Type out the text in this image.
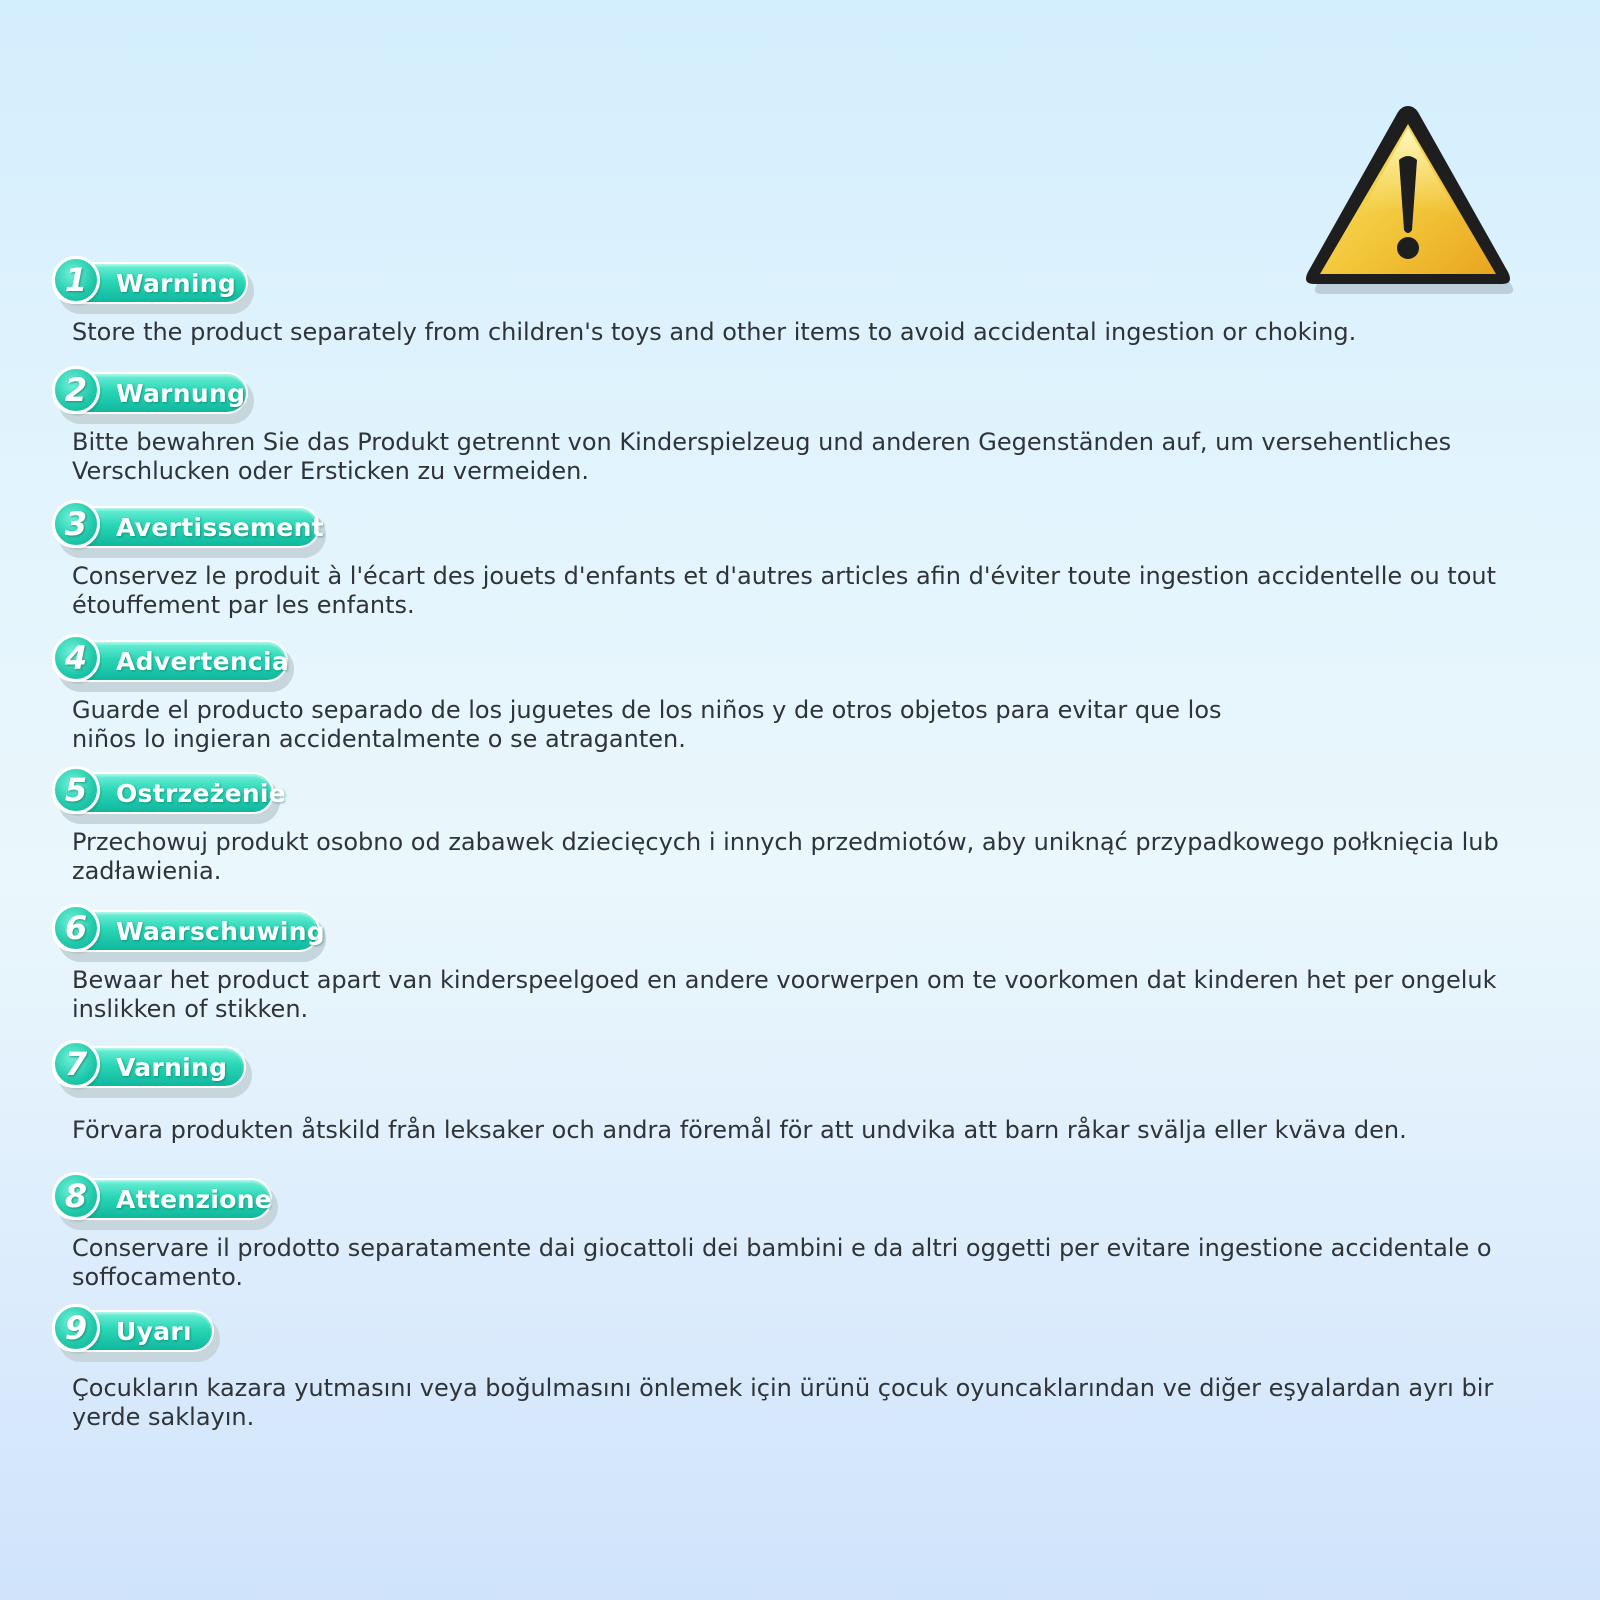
1	Warning
Store the product separately from children's toys and other items to avoid accidental ingestion or choking.
2	Warnung
Bitte bewahren Sie das Produkt getrennt von Kinderspielzeug und anderen Gegenständen auf, um versehentliches Verschlucken oder Ersticken zu vermeiden.
3	Avertissement
Conservez le produit à l'écart des jouets d'enfants et d'autres articles afin d'éviter toute ingestion accidentelle ou tout étouffement par les enfants.
4	Advertencia
Guarde el producto separado de los juguetes de los niños y de otros objetos para evitar que los niños lo ingieran accidentalmente o se atraganten.
5	Ostrzeżenie
Przechowuj produkt osobno od zabawek dziecięcych i innych przedmiotów, aby uniknąć przypadkowego połknięcia lub zadławienia.
6	Waarschuwing
Bewaar het product apart van kinderspeelgoed en andere voorwerpen om te voorkomen dat kinderen het per ongeluk inslikken of stikken.
7	Varning
Förvara produkten åtskild från leksaker och andra föremål för att undvika att barn råkar svälja eller kväva den.
8	Attenzione
Conservare il prodotto separatamente dai giocattoli dei bambini e da altri oggetti per evitare ingestione accidentale o soffocamento.
9	Uyarı
Çocukların kazara yutmasını veya boğulmasını önlemek için ürünü çocuk oyuncaklarından ve diğer eşyalardan ayrı bir yerde saklayın.
